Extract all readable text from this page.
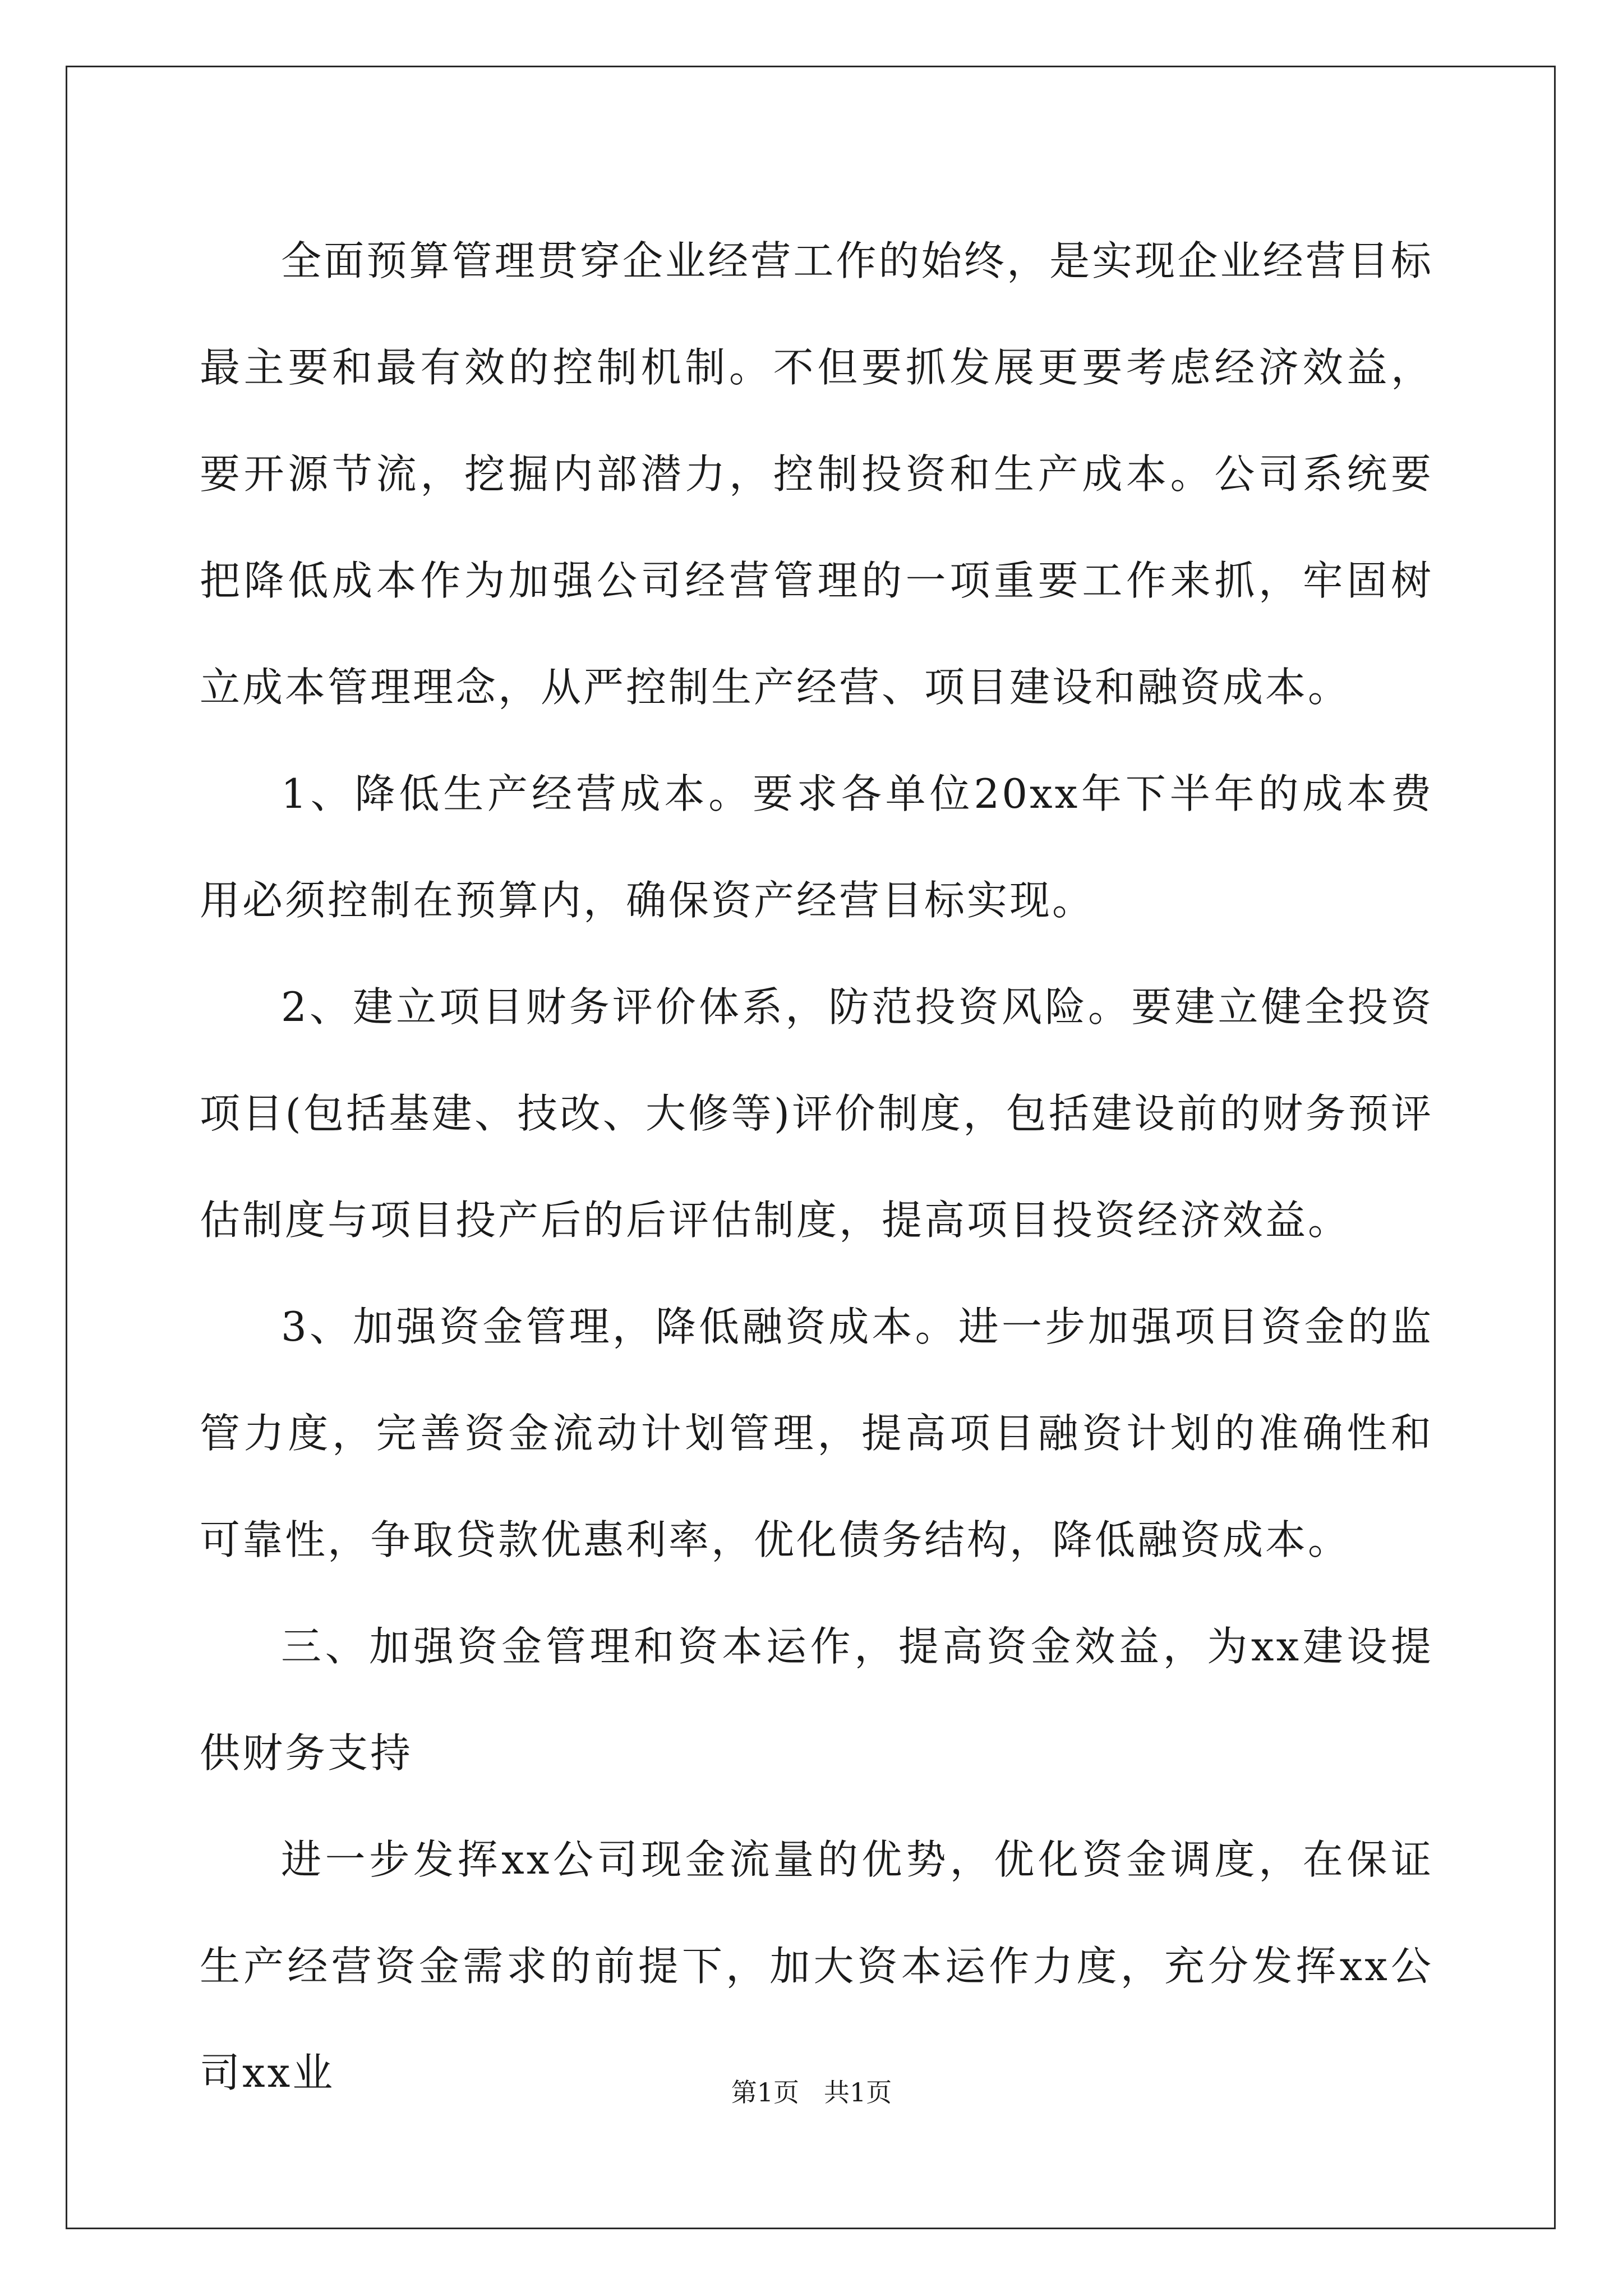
全面预算管理贯穿企业经营工作的始终，是实现企业经营目标最主要和最有效的控制机制。不但要抓发展更要考虑经济效益，要开源节流，挖掘内部潜力，控制投资和生产成本。公司系统要把降低成本作为加强公司经营管理的一项重要工作来抓，牢固树立成本管理理念，从严控制生产经营、项目建设和融资成本。

1、降低生产经营成本。要求各单位20xx年下半年的成本费用必须控制在预算内，确保资产经营目标实现。

2、建立项目财务评价体系，防范投资风险。要建立健全投资项目(包括基建、技改、大修等)评价制度，包括建设前的财务预评估制度与项目投产后的后评估制度，提高项目投资经济效益。

3、加强资金管理，降低融资成本。进一步加强项目资金的监管力度，完善资金流动计划管理，提高项目融资计划的准确性和可靠性，争取贷款优惠利率，优化债务结构，降低融资成本。

三、加强资金管理和资本运作，提高资金效益，为xx建设提供财务支持

进一步发挥xx公司现金流量的优势，优化资金调度，在保证生产经营资金需求的前提下，加大资本运作力度，充分发挥xx公司xx业	第1页 共1页
